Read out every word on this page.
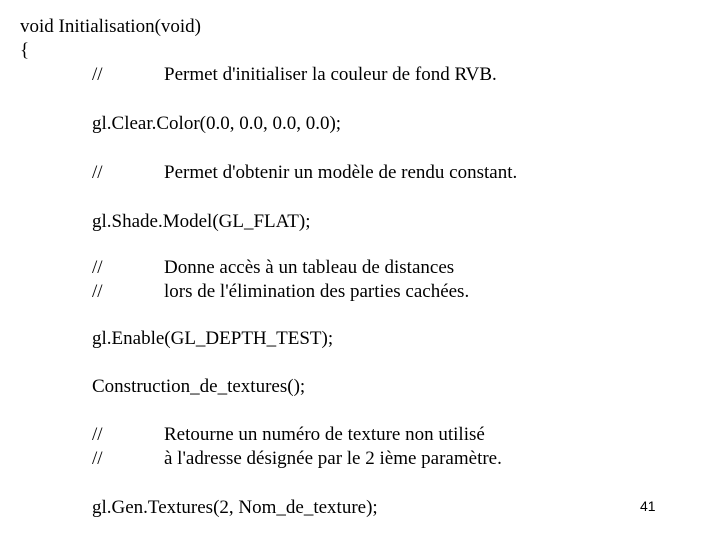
void Initialisation(void)
{
//	Permet d'initialiser la couleur de fond RVB.
gl.Clear.Color(0.0, 0.0, 0.0, 0.0);
//	Permet d'obtenir un modèle de rendu constant.
gl.Shade.Model(GL_FLAT);
//	Donne accès à un tableau de distances
//	lors de l'élimination des parties cachées.
gl.Enable(GL_DEPTH_TEST);
Construction_de_textures();
//	Retourne un numéro de texture non utilisé
//	à l'adresse désignée par le 2 ième paramètre.
gl.Gen.Textures(2, Nom_de_texture);	41
